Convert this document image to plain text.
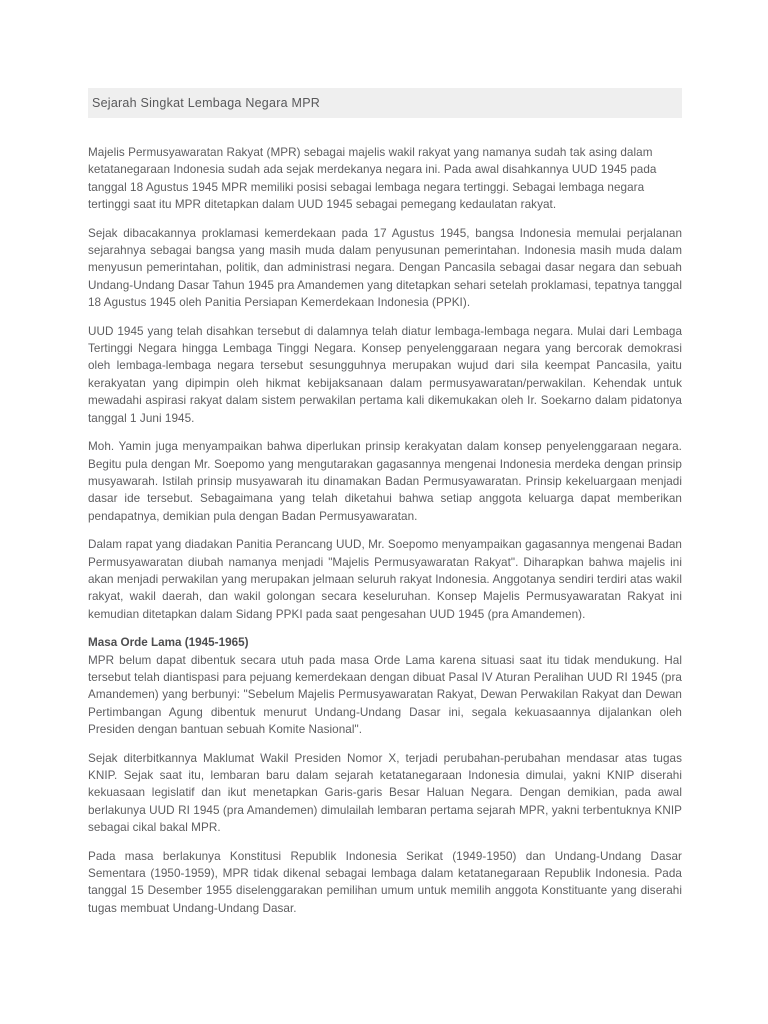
Sejarah Singkat Lembaga Negara MPR

Majelis Permusyawaratan Rakyat (MPR) sebagai majelis wakil rakyat yang namanya sudah tak asing dalam ketatanegaraan Indonesia sudah ada sejak merdekanya negara ini. Pada awal disahkannya UUD 1945 pada tanggal 18 Agustus 1945 MPR memiliki posisi sebagai lembaga negara tertinggi. Sebagai lembaga negara tertinggi saat itu MPR ditetapkan dalam UUD 1945 sebagai pemegang kedaulatan rakyat.

Sejak dibacakannya proklamasi kemerdekaan pada 17 Agustus 1945, bangsa Indonesia memulai perjalanan sejarahnya sebagai bangsa yang masih muda dalam penyusunan pemerintahan. Indonesia masih muda dalam menyusun pemerintahan, politik, dan administrasi negara. Dengan Pancasila sebagai dasar negara dan sebuah Undang-Undang Dasar Tahun 1945 pra Amandemen yang ditetapkan sehari setelah proklamasi, tepatnya tanggal 18 Agustus 1945 oleh Panitia Persiapan Kemerdekaan Indonesia (PPKI).

UUD 1945 yang telah disahkan tersebut di dalamnya telah diatur lembaga-lembaga negara. Mulai dari Lembaga Tertinggi Negara hingga Lembaga Tinggi Negara. Konsep penyelenggaraan negara yang bercorak demokrasi oleh lembaga-lembaga negara tersebut sesungguhnya merupakan wujud dari sila keempat Pancasila, yaitu kerakyatan yang dipimpin oleh hikmat kebijaksanaan dalam permusyawaratan/perwakilan. Kehendak untuk mewadahi aspirasi rakyat dalam sistem perwakilan pertama kali dikemukakan oleh Ir. Soekarno dalam pidatonya tanggal 1 Juni 1945.

Moh. Yamin juga menyampaikan bahwa diperlukan prinsip kerakyatan dalam konsep penyelenggaraan negara. Begitu pula dengan Mr. Soepomo yang mengutarakan gagasannya mengenai Indonesia merdeka dengan prinsip musyawarah. Istilah prinsip musyawarah itu dinamakan Badan Permusyawaratan. Prinsip kekeluargaan menjadi dasar ide tersebut. Sebagaimana yang telah diketahui bahwa setiap anggota keluarga dapat memberikan pendapatnya, demikian pula dengan Badan Permusyawaratan.

Dalam rapat yang diadakan Panitia Perancang UUD, Mr. Soepomo menyampaikan gagasannya mengenai Badan Permusyawaratan diubah namanya menjadi "Majelis Permusyawaratan Rakyat". Diharapkan bahwa majelis ini akan menjadi perwakilan yang merupakan jelmaan seluruh rakyat Indonesia. Anggotanya sendiri terdiri atas wakil rakyat, wakil daerah, dan wakil golongan secara keseluruhan. Konsep Majelis Permusyawaratan Rakyat ini kemudian ditetapkan dalam Sidang PPKI pada saat pengesahan UUD 1945 (pra Amandemen).

Masa Orde Lama (1945-1965)

MPR belum dapat dibentuk secara utuh pada masa Orde Lama karena situasi saat itu tidak mendukung. Hal tersebut telah diantispasi para pejuang kemerdekaan dengan dibuat Pasal IV Aturan Peralihan UUD RI 1945 (pra Amandemen) yang berbunyi: "Sebelum Majelis Permusyawaratan Rakyat, Dewan Perwakilan Rakyat dan Dewan Pertimbangan Agung dibentuk menurut Undang-Undang Dasar ini, segala kekuasaannya dijalankan oleh Presiden dengan bantuan sebuah Komite Nasional".

Sejak diterbitkannya Maklumat Wakil Presiden Nomor X, terjadi perubahan-perubahan mendasar atas tugas KNIP. Sejak saat itu, lembaran baru dalam sejarah ketatanegaraan Indonesia dimulai, yakni KNIP diserahi kekuasaan legislatif dan ikut menetapkan Garis-garis Besar Haluan Negara. Dengan demikian, pada awal berlakunya UUD RI 1945 (pra Amandemen) dimulailah lembaran pertama sejarah MPR, yakni terbentuknya KNIP sebagai cikal bakal MPR.

Pada masa berlakunya Konstitusi Republik Indonesia Serikat (1949-1950) dan Undang-Undang Dasar Sementara (1950-1959), MPR tidak dikenal sebagai lembaga dalam ketatanegaraan Republik Indonesia. Pada tanggal 15 Desember 1955 diselenggarakan pemilihan umum untuk memilih anggota Konstituante yang diserahi tugas membuat Undang-Undang Dasar.
